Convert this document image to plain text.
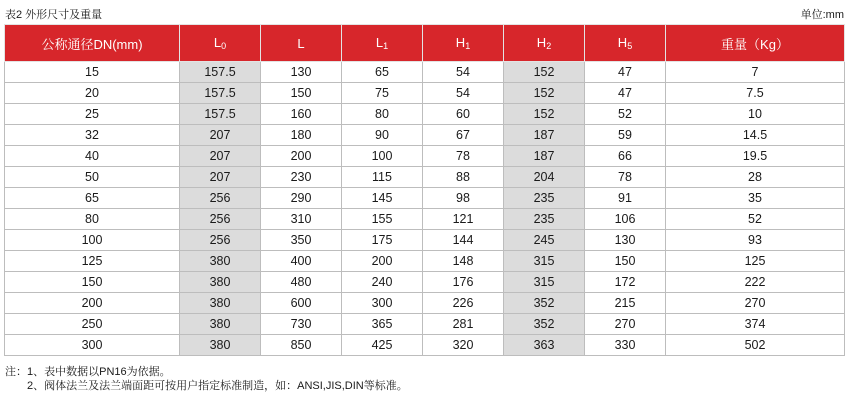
表2 外形尺寸及重量	单位:mm
公称通径DN(mm)	$L_0$	L	$L_1$	$H_1$	$H_2$	$H_5$	重量（Kg）
15	157.5	130	65	54	152	47	7
20	157.5	150	75	54	152	47	7.5
25	157.5	160	80	60	152	52	10
32	207	180	90	67	187	59	14.5
40	207	200	100	78	187	66	19.5
50	207	230	115	88	204	78	28
65	256	290	145	98	235	91	35
80	256	310	155	121	235	106	52
100	256	350	175	144	245	130	93
125	380	400	200	148	315	150	125
150	380	480	240	176	315	172	222
200	380	600	300	226	352	215	270
250	380	730	365	281	352	270	374
300	380	850	425	320	363	330	502
注：1、表中数据以PN16为依据。
2、阀体法兰及法兰端面距可按用户指定标准制造，如：ANSI,JIS,DIN等标准。
